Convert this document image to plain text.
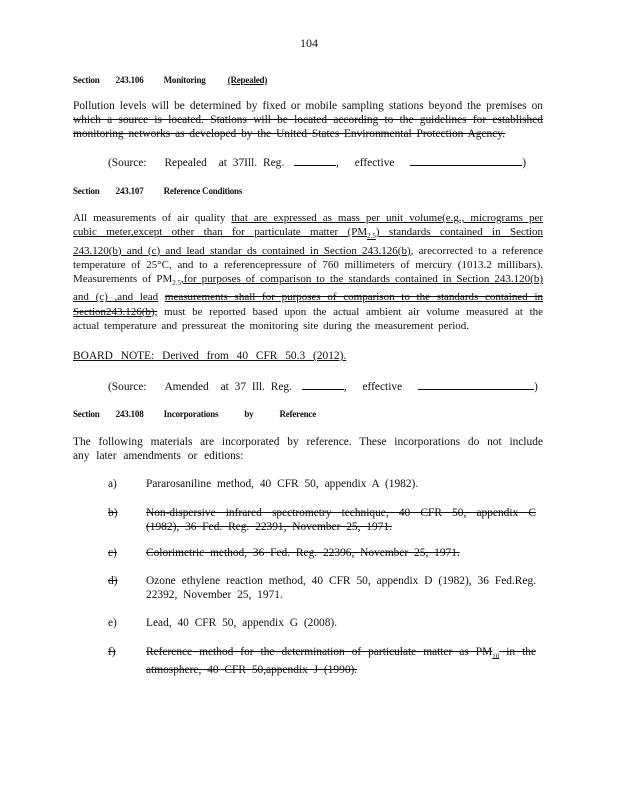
104
Section 243.106 Monitoring (Repealed)
Pollution levels will be determined by fixed or mobile sampling stations beyond the premises on
which a source is located. Stations will be located according to the guidelines for established
monitoring networks as developed by the United States Environmental Protection Agency.
(Source: Repealed at 37Ill. Reg.	, effective	)
Section 243.107 Reference Conditions
All measurements of air quality that are expressed as mass per unit volume(e.g., micrograms per cubic meter,except other than for particulate matter $(PM_{2.5})$ standards contained in Section 243.120(b) and (c) and lead standar ds contained in Section 243.126(b), arecorrected to a reference temperature of 25°C, and to a referencepressure of 760 millimeters of mercury (1013.2 millibars). Measurements of $PM_{2.5},for$ purposes of comparison to the standards contained in Section 243.120(b) and (c) ,and lead measurements shall for purposes of comparison to the standards contained in Section243.126(b), must be reported based upon the actual ambient air volume measured at the actual temperature and pressureat the monitoring site during the measurement period.
BOARD NOTE: Derived from 40 CFR 50.3 (2012).
(Source: Amended at 37 Ill. Reg.	, effective	)
Section 243.108 Incorporations by Reference
The following materials are incorporated by reference. These incorporations do not include any later amendments or editions:
a)	Pararosaniline method, 40 CFR 50, appendix A (1982).
b)	Non-dispersive infrared spectrometry technique, 40 CFR 50, appendix C (1982), 36 Fed. Reg. 22391, November 25, 1971.
c)	Colorimetric method, 36 Fed. Reg. 22396, November 25, 1971.
d)	Ozone ethylene reaction method, 40 CFR 50, appendix D (1982), 36 Fed.Reg. 22392, November 25, 1971.
e)	Lead, 40 CFR 50, appendix G (2008).
f)	Reference method for the determination of particulate matter as $PM_{10}$ in the atmosphere, 40 CFR 50,appendix J (1990).
